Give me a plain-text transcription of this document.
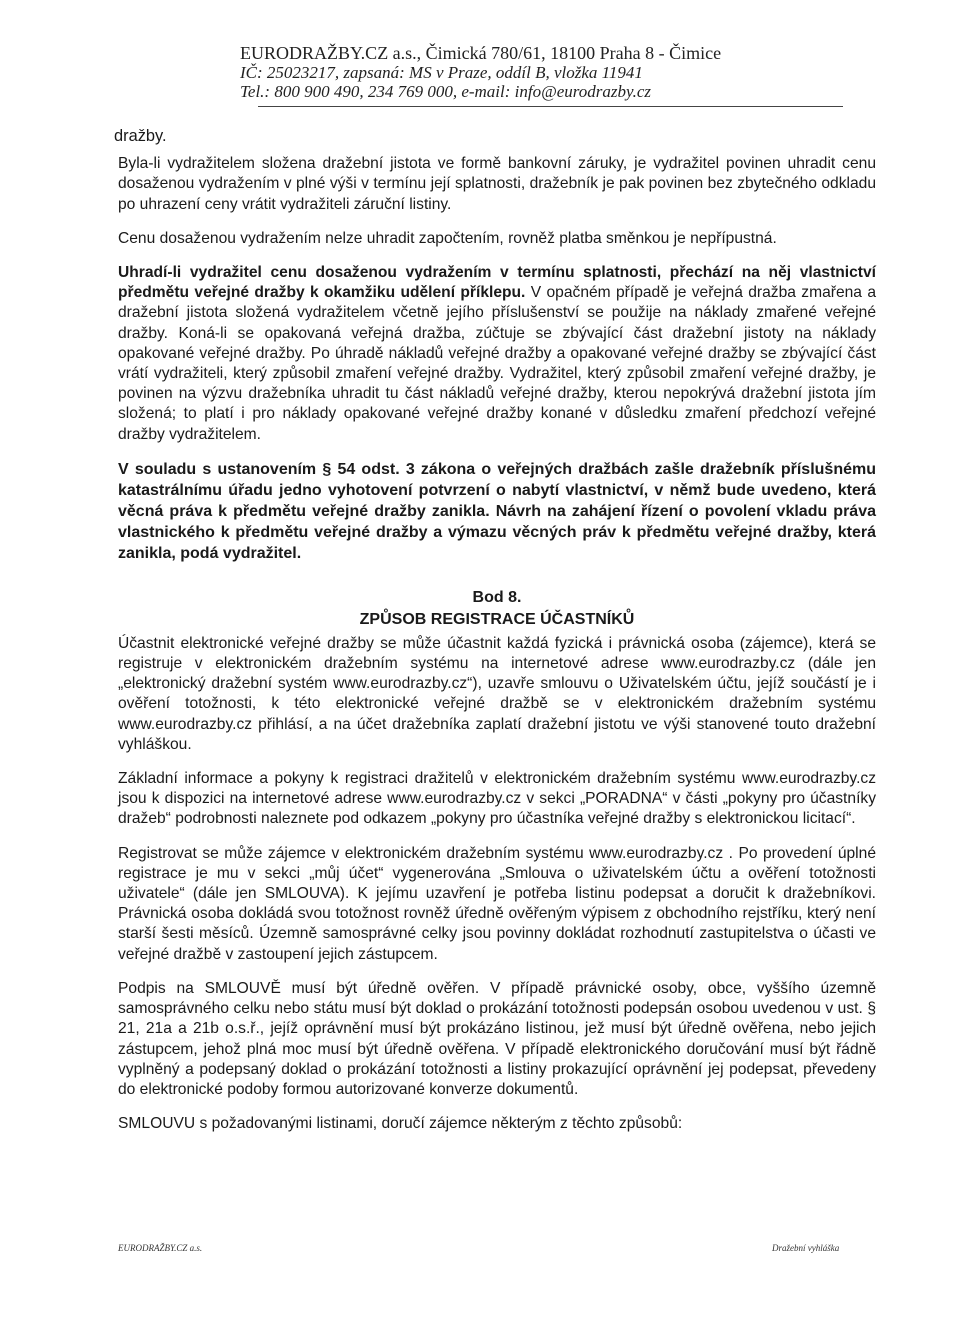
EURODRAŽBY.CZ a.s., Čimická 780/61, 18100 Praha 8 - Čimice
IČ: 25023217, zapsaná: MS v Praze, oddíl B, vložka 11941
Tel.: 800 900 490, 234 769 000, e-mail: info@eurodrazby.cz

dražby.

Byla-li vydražitelem složena dražební jistota ve formě bankovní záruky, je vydražitel povinen uhradit cenu dosaženou vydražením v plné výši v termínu její splatnosti, dražebník je pak povinen bez zbytečného odkladu po uhrazení ceny vrátit vydražiteli záruční listiny.

Cenu dosaženou vydražením nelze uhradit započtením, rovněž platba směnkou je nepřípustná.

Uhradí-li vydražitel cenu dosaženou vydražením v termínu splatnosti, přechází na něj vlastnictví předmětu veřejné dražby k okamžiku udělení příklepu. V opačném případě je veřejná dražba zmařena a dražební jistota složená vydražitelem včetně jejího příslušenství se použije na náklady zmařené veřejné dražby. Koná-li se opakovaná veřejná dražba, zúčtuje se zbývající část dražební jistoty na náklady opakované veřejné dražby. Po úhradě nákladů veřejné dražby a opakované veřejné dražby se zbývající část vrátí vydražiteli, který způsobil zmaření veřejné dražby. Vydražitel, který způsobil zmaření veřejné dražby, je povinen na výzvu dražebníka uhradit tu část nákladů veřejné dražby, kterou nepokrývá dražební jistota jím složená; to platí i pro náklady opakované veřejné dražby konané v důsledku zmaření předchozí veřejné dražby vydražitelem.

V souladu s ustanovením § 54 odst. 3 zákona o veřejných dražbách zašle dražebník příslušnému katastrálnímu úřadu jedno vyhotovení potvrzení o nabytí vlastnictví, v němž bude uvedeno, která věcná práva k předmětu veřejné dražby zanikla. Návrh na zahájení řízení o povolení vkladu práva vlastnického k předmětu veřejné dražby a výmazu věcných práv k předmětu veřejné dražby, která zanikla, podá vydražitel.

Bod 8.
ZPŮSOB REGISTRACE ÚČASTNÍKŮ

Účastnit elektronické veřejné dražby se může účastnit každá fyzická i právnická osoba (zájemce), která se registruje v elektronickém dražebním systému na internetové adrese www.eurodrazby.cz (dále jen „elektronický dražební systém www.eurodrazby.cz“), uzavře smlouvu o Uživatelském účtu, jejíž součástí je i ověření totožnosti, k této elektronické veřejné dražbě se v elektronickém dražebním systému www.eurodrazby.cz přihlásí, a na účet dražebníka zaplatí dražební jistotu ve výši stanovené touto dražební vyhláškou.

Základní informace a pokyny k registraci dražitelů v elektronickém dražebním systému www.eurodrazby.cz jsou k dispozici na internetové adrese www.eurodrazby.cz v sekci „PORADNA“ v části „pokyny pro účastníky dražeb“ podrobnosti naleznete pod odkazem „pokyny pro účastníka veřejné dražby s elektronickou licitací“.

Registrovat se může zájemce v elektronickém dražebním systému www.eurodrazby.cz . Po provedení úplné registrace je mu v sekci „můj účet“ vygenerována „Smlouva o uživatelském účtu a ověření totožnosti uživatele“ (dále jen SMLOUVA). K jejímu uzavření je potřeba listinu podepsat a doručit k dražebníkovi. Právnická osoba dokládá svou totožnost rovněž úředně ověřeným výpisem z obchodního rejstříku, který není starší šesti měsíců. Územně samosprávné celky jsou povinny dokládat rozhodnutí zastupitelstva o účasti ve veřejné dražbě v zastoupení jejich zástupcem.

Podpis na SMLOUVĚ musí být úředně ověřen. V případě právnické osoby, obce, vyššího územně samosprávného celku nebo státu musí být doklad o prokázání totožnosti podepsán osobou uvedenou v ust. § 21, 21a a 21b o.s.ř., jejíž oprávnění musí být prokázáno listinou, jež musí být úředně ověřena, nebo jejich zástupcem, jehož plná moc musí být úředně ověřena. V případě elektronického doručování musí být řádně vyplněný a podepsaný doklad o prokázání totožnosti a listiny prokazující oprávnění jej podepsat, převedeny do elektronické podoby formou autorizované konverze dokumentů.

SMLOUVU s požadovanými listinami, doručí zájemce některým z těchto způsobů:

EURODRAŽBY.CZ a.s.	Dražební vyhláška
